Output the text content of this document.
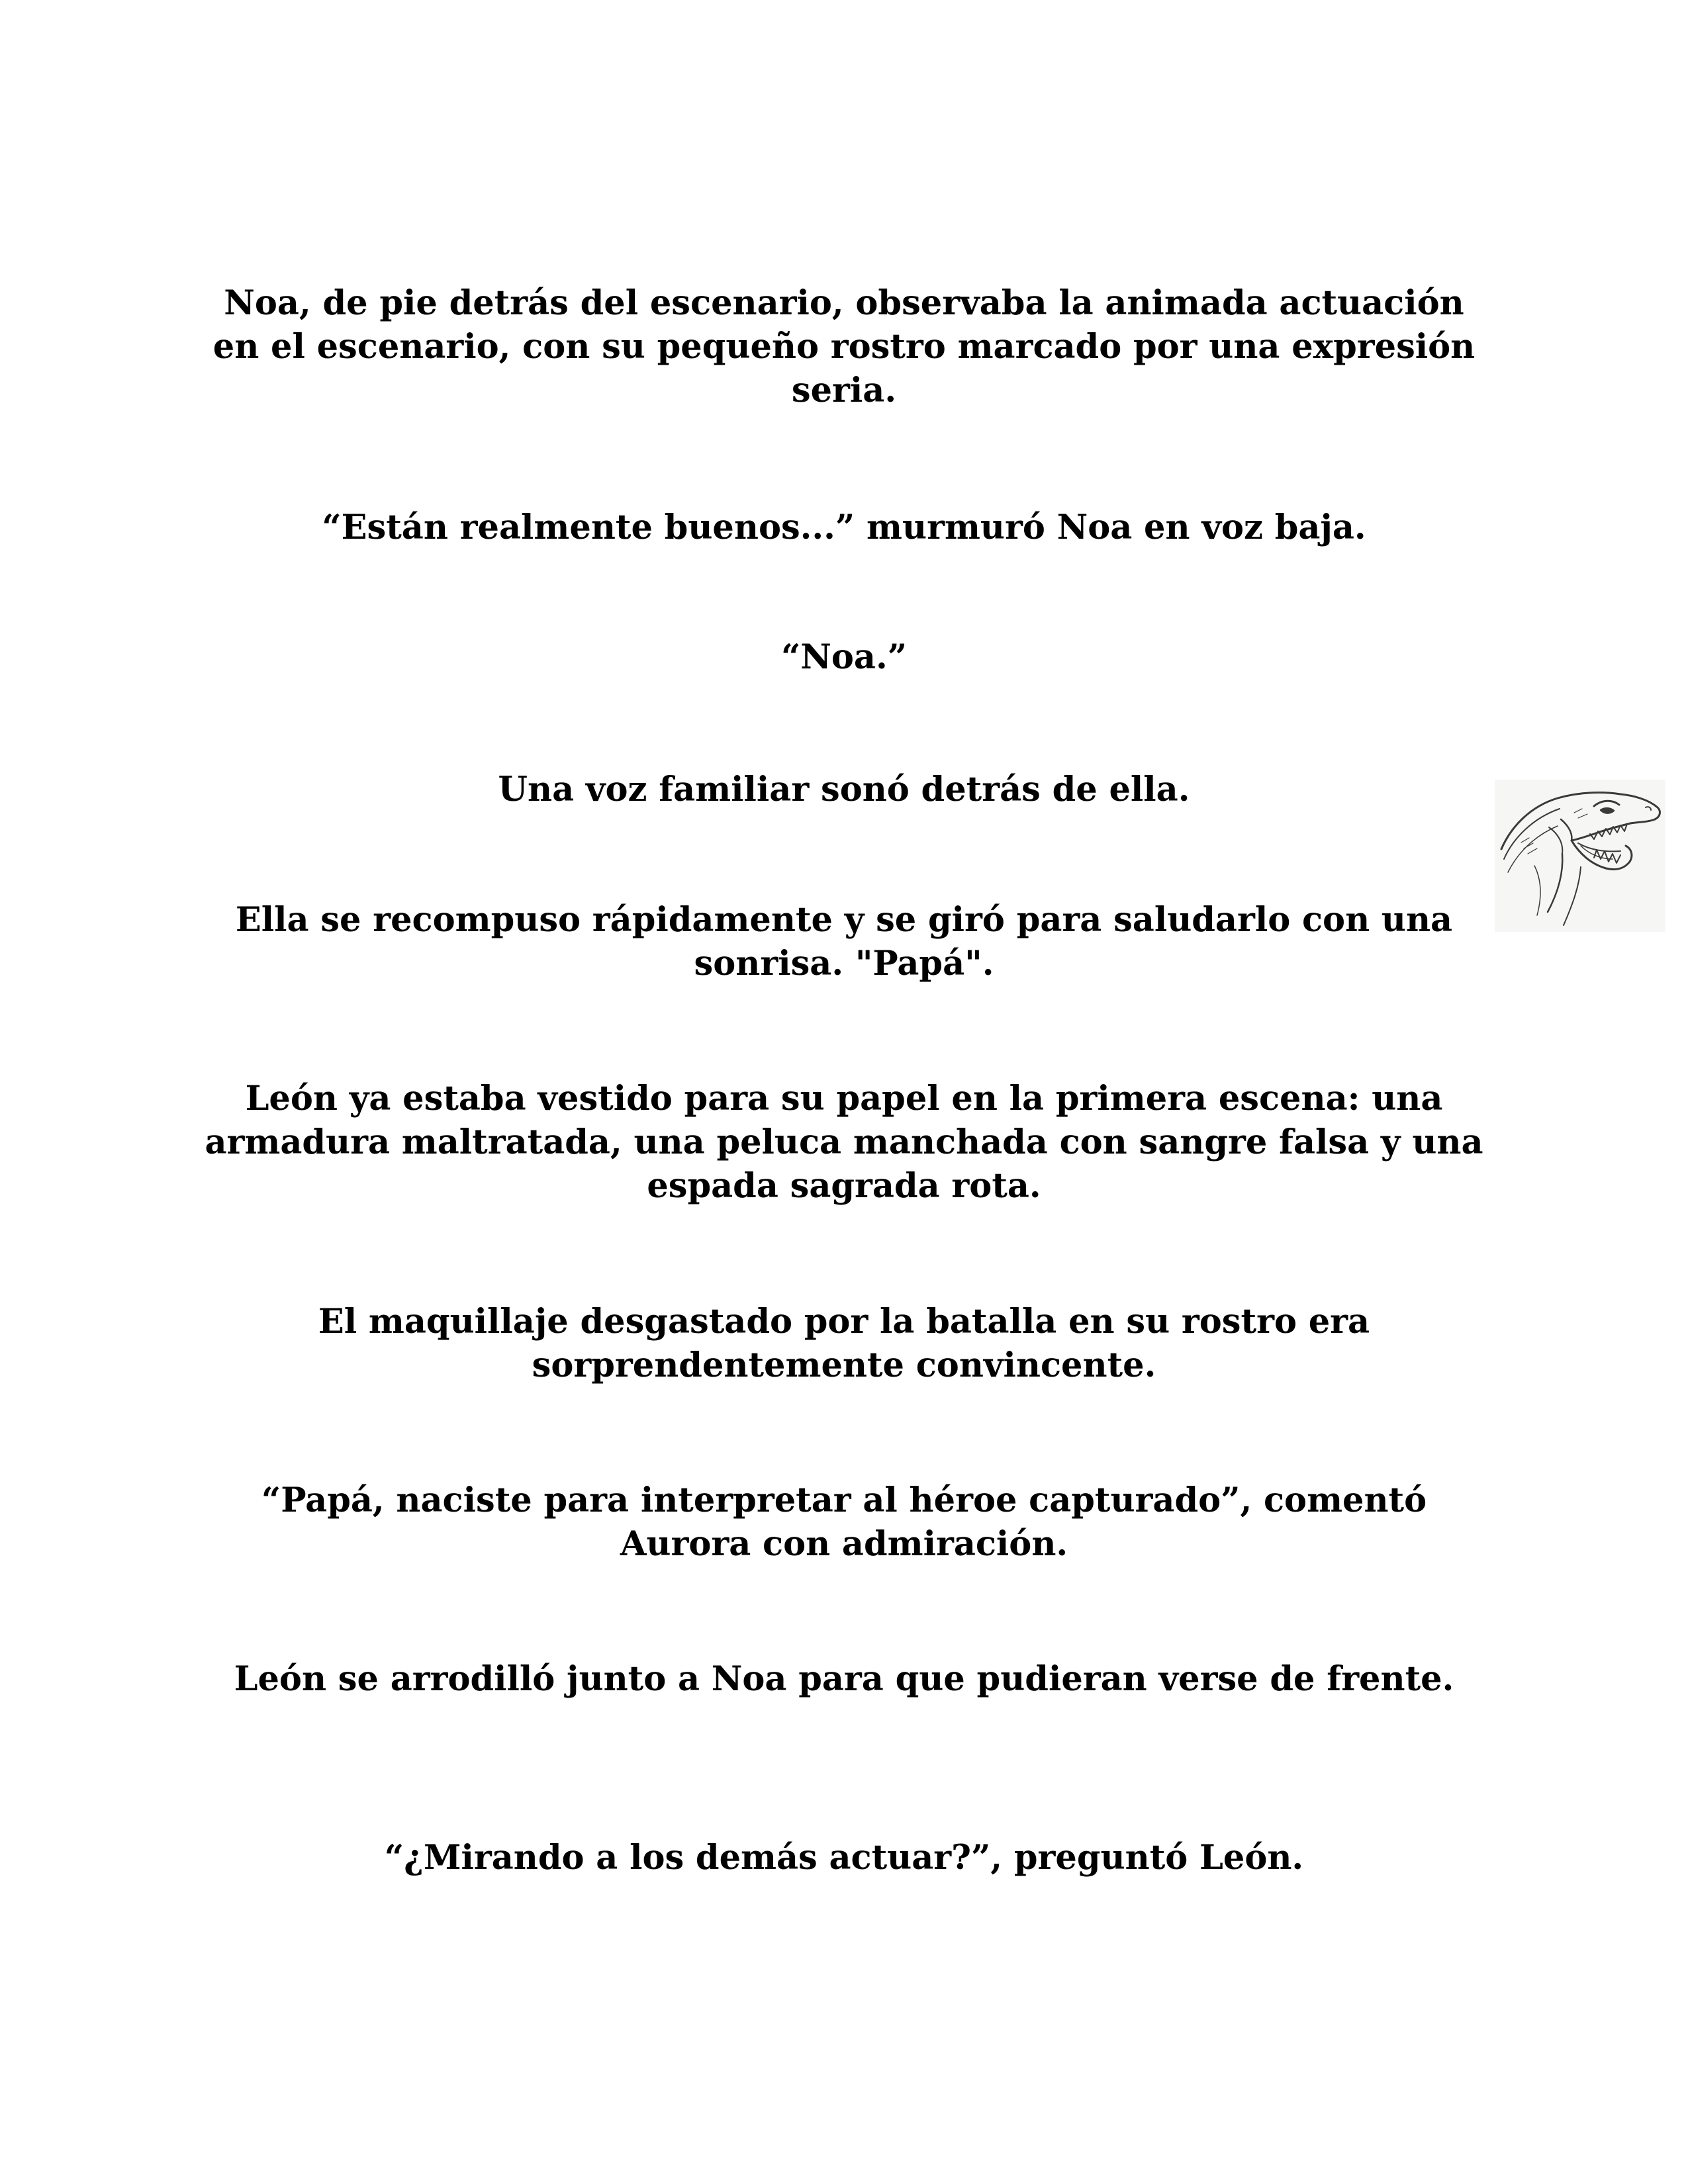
Noa, de pie detrás del escenario, observaba la animada actuación en el escenario, con su pequeño rostro marcado por una expresión seria.

“Están realmente buenos...” murmuró Noa en voz baja.

“Noa.”

Una voz familiar sonó detrás de ella.

Ella se recompuso rápidamente y se giró para saludarlo con una sonrisa. "Papá".

León ya estaba vestido para su papel en la primera escena: una armadura maltratada, una peluca manchada con sangre falsa y una espada sagrada rota.

El maquillaje desgastado por la batalla en su rostro era sorprendentemente convincente.

“Papá, naciste para interpretar al héroe capturado”, comentó Aurora con admiración.

León se arrodilló junto a Noa para que pudieran verse de frente.

“¿Mirando a los demás actuar?”, preguntó León.
